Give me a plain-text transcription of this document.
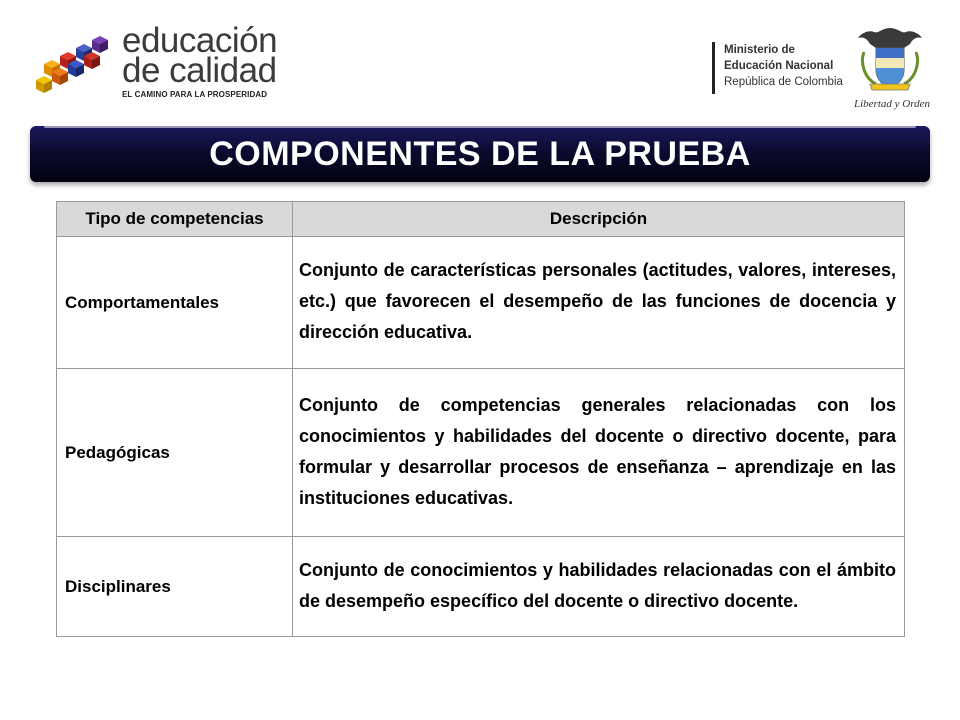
educación
de calidad
EL CAMINO PARA LA PROSPERIDAD
Ministerio de
Educación Nacional
República de Colombia
Libertad y Orden
COMPONENTES DE LA PRUEBA
Tipo de competencias	Descripción
Comportamentales	Conjunto de características personales (actitudes, valores, intereses, etc.) que favorecen el desempeño de las funciones de docencia y dirección educativa.
Pedagógicas	Conjunto de competencias generales relacionadas con los conocimientos y habilidades del docente o directivo docente, para formular y desarrollar procesos de enseñanza – aprendizaje en las instituciones educativas.
Disciplinares	Conjunto de conocimientos y habilidades relacionadas con el ámbito de desempeño específico del docente o directivo docente.
